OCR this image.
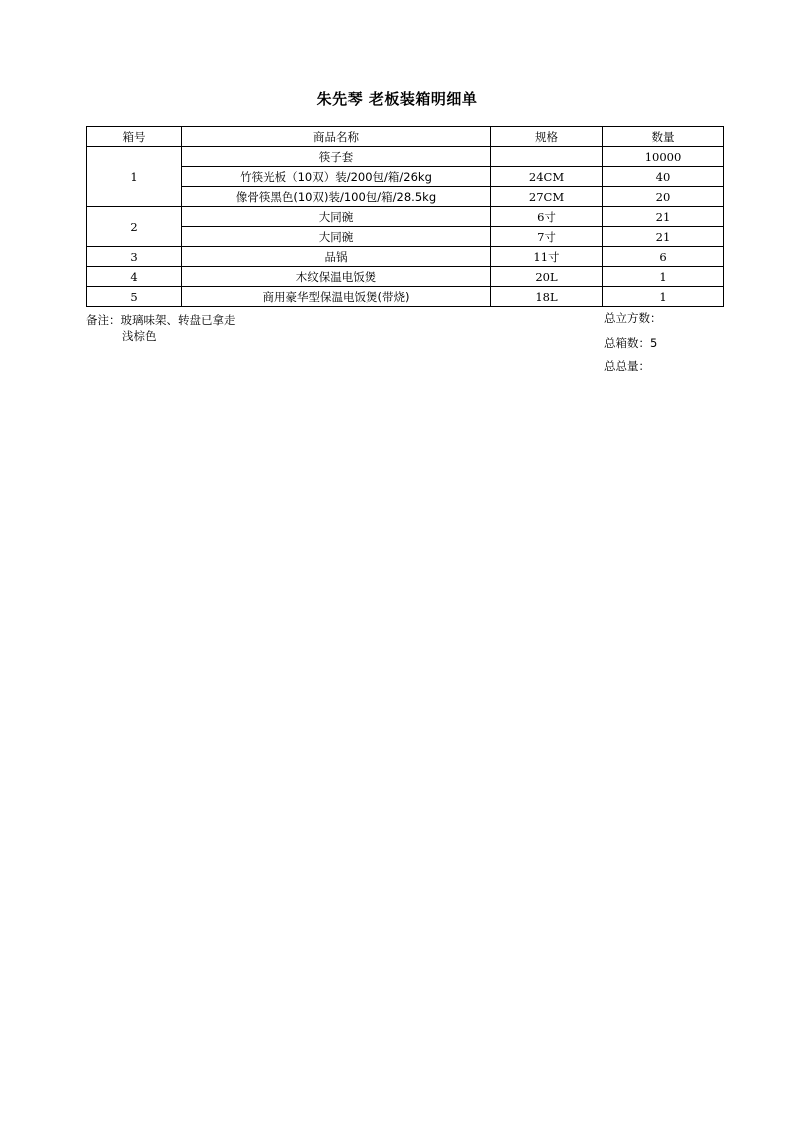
朱先琴 老板装箱明细单
箱号	商品名称	规格	数量
1	筷子套		10000
	竹筷光板（10双）装/200包/箱/26kg	24CM	40
	像骨筷黑色(10双)装/100包/箱/28.5kg	27CM	20
2	大同碗	6寸	21
	大同碗	7寸	21
3	品锅	11寸	6
4	木纹保温电饭煲	20L	1
5	商用豪华型保温电饭煲(带烧)	18L	1
备注：玻璃味架、转盘已拿走
浅棕色
总立方数：
总箱数：5
总总量：
